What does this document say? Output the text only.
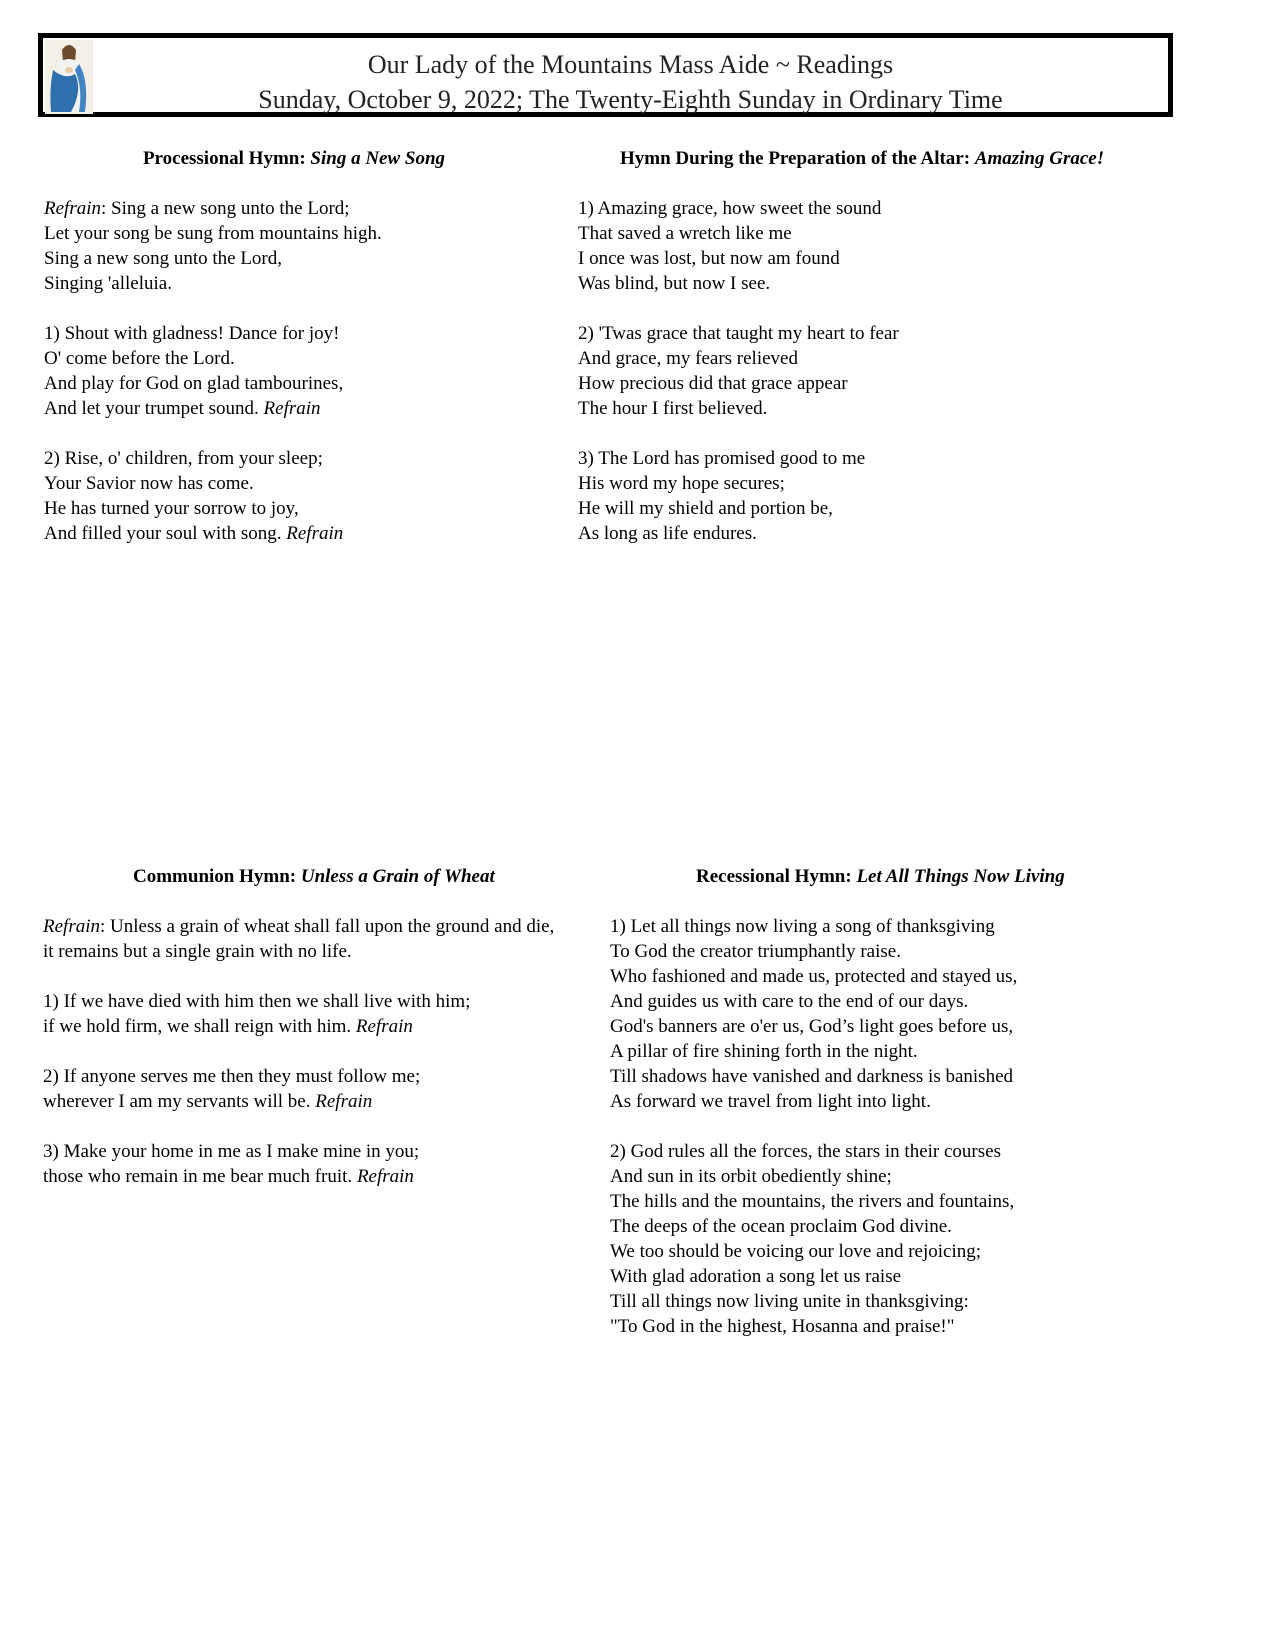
Our Lady of the Mountains Mass Aide ~ Readings
Sunday, October 9, 2022; The Twenty-Eighth Sunday in Ordinary Time
Processional Hymn: Sing a New Song
Refrain: Sing a new song unto the Lord;
Let your song be sung from mountains high.
Sing a new song unto the Lord,
Singing 'alleluia.
1) Shout with gladness! Dance for joy!
O' come before the Lord.
And play for God on glad tambourines,
And let your trumpet sound. Refrain
2) Rise, o' children, from your sleep;
Your Savior now has come.
He has turned your sorrow to joy,
And filled your soul with song. Refrain
Hymn During the Preparation of the Altar: Amazing Grace!
1) Amazing grace, how sweet the sound
That saved a wretch like me
I once was lost, but now am found
Was blind, but now I see.
2) 'Twas grace that taught my heart to fear
And grace, my fears relieved
How precious did that grace appear
The hour I first believed.
3) The Lord has promised good to me
His word my hope secures;
He will my shield and portion be,
As long as life endures.
Communion Hymn: Unless a Grain of Wheat
Refrain: Unless a grain of wheat shall fall upon the ground and die,
it remains but a single grain with no life.
1) If we have died with him then we shall live with him;
if we hold firm, we shall reign with him. Refrain
2) If anyone serves me then they must follow me;
wherever I am my servants will be. Refrain
3) Make your home in me as I make mine in you;
those who remain in me bear much fruit. Refrain
Recessional Hymn: Let All Things Now Living
1) Let all things now living a song of thanksgiving
To God the creator triumphantly raise.
Who fashioned and made us, protected and stayed us,
And guides us with care to the end of our days.
God's banners are o'er us, God’s light goes before us,
A pillar of fire shining forth in the night.
Till shadows have vanished and darkness is banished
As forward we travel from light into light.
2) God rules all the forces, the stars in their courses
And sun in its orbit obediently shine;
The hills and the mountains, the rivers and fountains,
The deeps of the ocean proclaim God divine.
We too should be voicing our love and rejoicing;
With glad adoration a song let us raise
Till all things now living unite in thanksgiving:
"To God in the highest, Hosanna and praise!"
